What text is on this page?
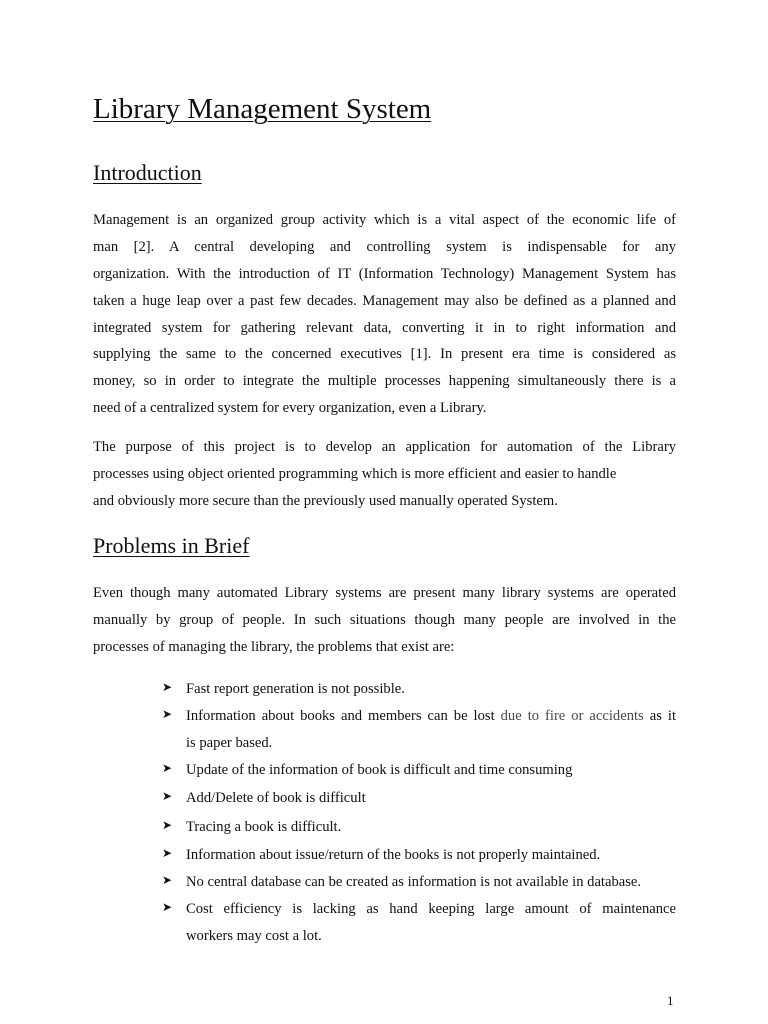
Library Management System
Introduction

Management is an organized group activity which is a vital aspect of the economic life of
man [2]. A central developing and controlling system is indispensable for any
organization. With the introduction of IT (Information Technology) Management System has
taken a huge leap over a past few decades. Management may also be defined as a planned and
integrated system for gathering relevant data, converting it in to right information and
supplying the same to the concerned executives [1]. In present era time is considered as
money, so in order to integrate the multiple processes happening simultaneously there is a
need of a centralized system for every organization, even a Library.

The purpose of this project is to develop an application for automation of the Library
processes using object oriented programming which is more efficient and easier to handle
and obviously more secure than the previously used manually operated System.

Problems in Brief

Even though many automated Library systems are present many library systems are operated
manually by group of people. In such situations though many people are involved in the
processes of managing the library, the problems that exist are:

➤ Fast report generation is not possible.
➤ Information about books and members can be lost due to fire or accidents as it
is paper based.
➤ Update of the information of book is difficult and time consuming
➤ Add/Delete of book is difficult
➤ Tracing a book is difficult.
➤ Information about issue/return of the books is not properly maintained.
➤ No central database can be created as information is not available in database.
➤ Cost efficiency is lacking as hand keeping large amount of maintenance
workers may cost a lot.

1
